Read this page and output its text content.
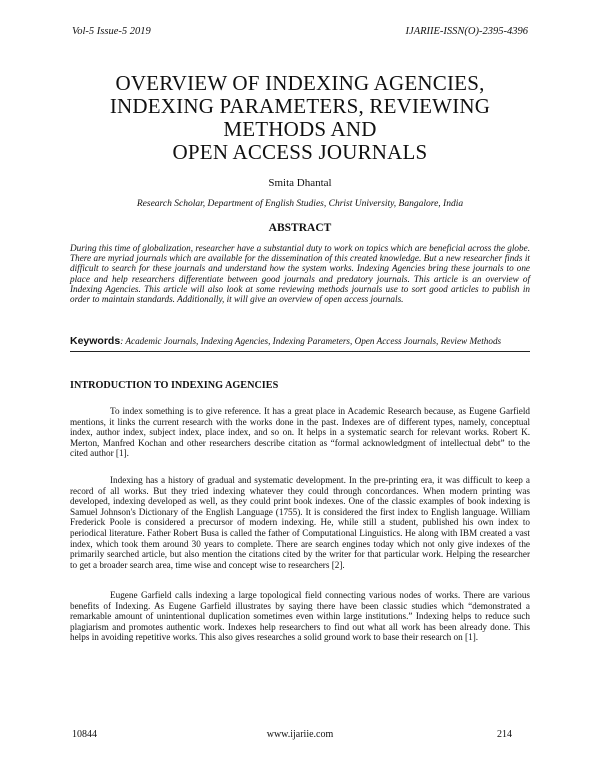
Vol-5 Issue-5 2019	IJARIIE-ISSN(O)-2395-4396
OVERVIEW OF INDEXING AGENCIES,
INDEXING PARAMETERS, REVIEWING
METHODS AND
OPEN ACCESS JOURNALS
Smita Dhantal
Research Scholar, Department of English Studies, Christ University, Bangalore, India
ABSTRACT

During this time of globalization, researcher have a substantial duty to work on topics which are beneficial across the globe. There are myriad journals which are available for the dissemination of this created knowledge. But a new researcher finds it difficult to search for these journals and understand how the system works. Indexing Agencies bring these journals to one place and help researchers differentiate between good journals and predatory journals. This article is an overview of Indexing Agencies. This article will also look at some reviewing methods journals use to sort good articles to publish in order to maintain standards. Additionally, it will give an overview of open access journals.

Keywords: Academic Journals, Indexing Agencies, Indexing Parameters, Open Access Journals, Review Methods

INTRODUCTION TO INDEXING AGENCIES

To index something is to give reference. It has a great place in Academic Research because, as Eugene Garfield mentions, it links the current research with the works done in the past. Indexes are of different types, namely, conceptual index, author index, subject index, place index, and so on. It helps in a systematic search for relevant works. Robert K. Merton, Manfred Kochan and other researchers describe citation as “formal acknowledgment of intellectual debt” to the cited author [1].

Indexing has a history of gradual and systematic development. In the pre-printing era, it was difficult to keep a record of all works. But they tried indexing whatever they could through concordances. When modern printing was developed, indexing developed as well, as they could print book indexes. One of the classic examples of book indexing is Samuel Johnson's Dictionary of the English Language (1755). It is considered the first index to English language. William Frederick Poole is considered a precursor of modern indexing. He, while still a student, published his own index to periodical literature. Father Robert Busa is called the father of Computational Linguistics. He along with IBM created a vast index, which took them around 30 years to complete. There are search engines today which not only give indexes of the primarily searched article, but also mention the citations cited by the writer for that particular work. Helping the researcher to get a broader search area, time wise and concept wise to researchers [2].

Eugene Garfield calls indexing a large topological field connecting various nodes of works. There are various benefits of Indexing. As Eugene Garfield illustrates by saying there have been classic studies which “demonstrated a remarkable amount of unintentional duplication sometimes even within large institutions.” Indexing helps to reduce such plagiarism and promotes authentic work. Indexes help researchers to find out what all work has been already done. This helps in avoiding repetitive works. This also gives researches a solid ground work to base their research on [1].

10844	www.ijariie.com	214
